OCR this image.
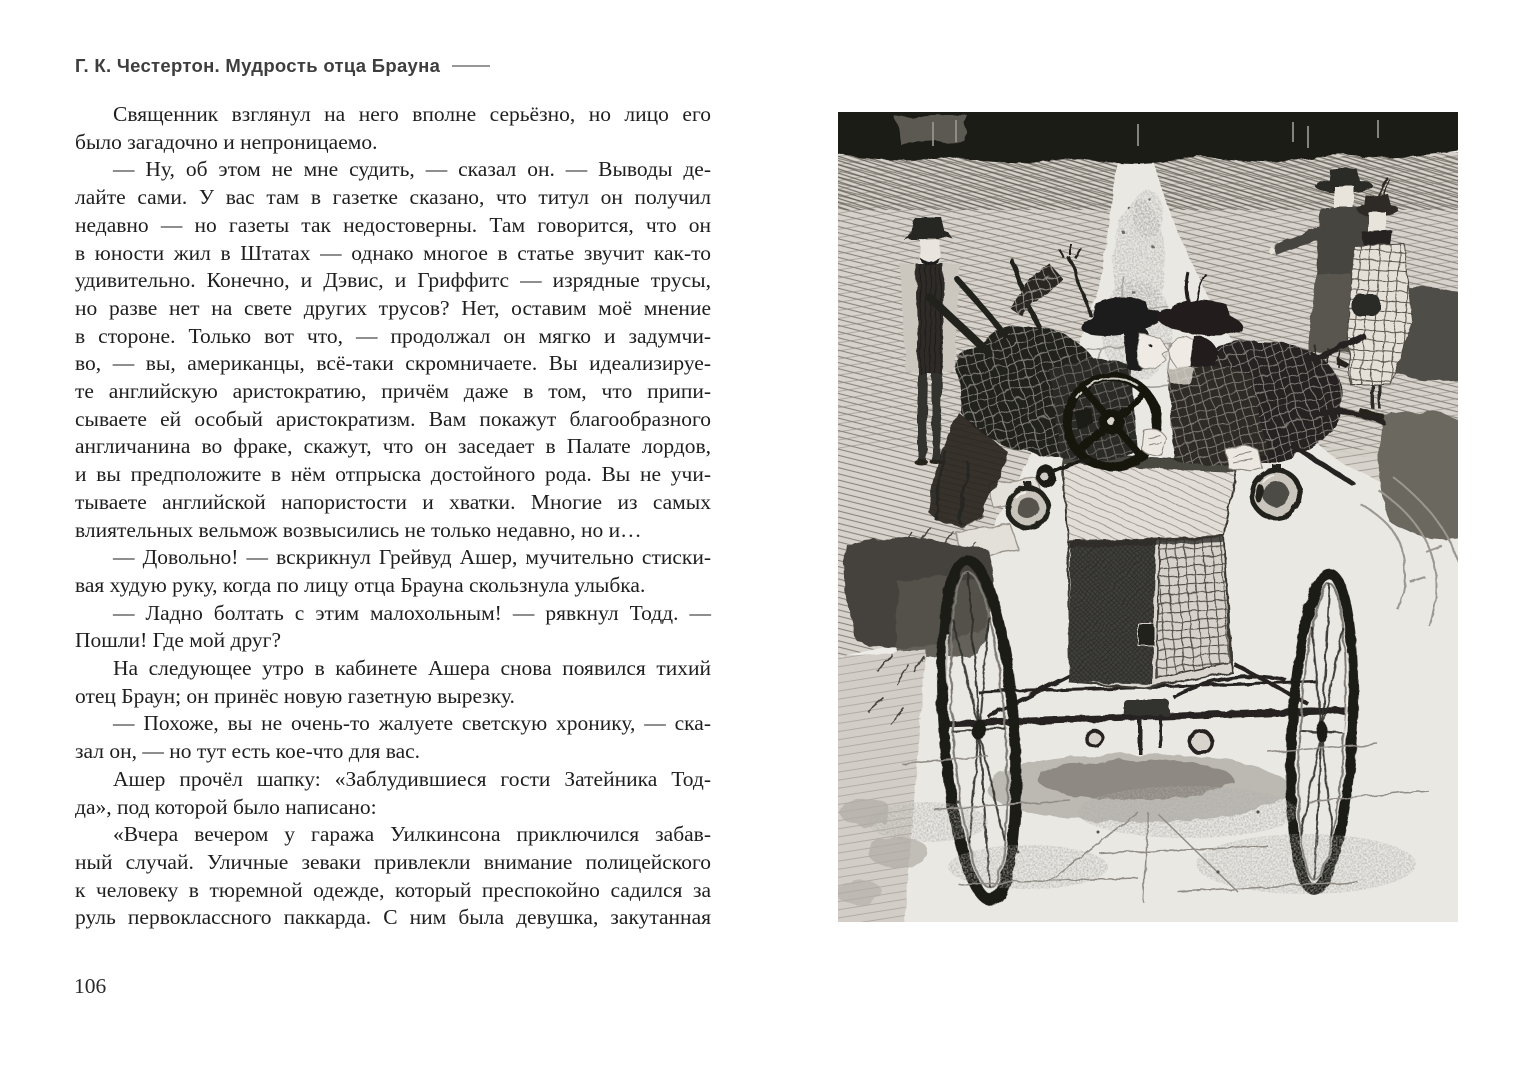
Г. К. Честертон. Мудрость отца Брауна
Священник взглянул на него вполне серьёзно, но лицо его
было загадочно и непроницаемо.
— Ну, об этом не мне судить, — сказал он. — Выводы де-
лайте сами. У вас там в газетке сказано, что титул он получил
недавно — но газеты так недостоверны. Там говорится, что он
в юности жил в Штатах — однако многое в статье звучит как-то
удивительно. Конечно, и Дэвис, и Гриффитс — изрядные трусы,
но разве нет на свете других трусов? Нет, оставим моё мнение
в стороне. Только вот что, — продолжал он мягко и задумчи-
во, — вы, американцы, всё-таки скромничаете. Вы идеализируе-
те английскую аристократию, причём даже в том, что припи-
сываете ей особый аристократизм. Вам покажут благообразного
англичанина во фраке, скажут, что он заседает в Палате лордов,
и вы предположите в нём отпрыска достойного рода. Вы не учи-
тываете английской напористости и хватки. Многие из самых
влиятельных вельмож возвысились не только недавно, но и…
— Довольно! — вскрикнул Грейвуд Ашер, мучительно стиски-
вая худую руку, когда по лицу отца Брауна скользнула улыбка.
— Ладно болтать с этим малохольным! — рявкнул Тодд. —
Пошли! Где мой друг?
На следующее утро в кабинете Ашера снова появился тихий
отец Браун; он принёс новую газетную вырезку.
— Похоже, вы не очень-то жалуете светскую хронику, — ска-
зал он, — но тут есть кое-что для вас.
Ашер прочёл шапку: «Заблудившиеся гости Затейника Тод-
да», под которой было написано:
«Вчера вечером у гаража Уилкинсона приключился забав-
ный случай. Уличные зеваки привлекли внимание полицейского
к человеку в тюремной одежде, который преспокойно садился за
руль первоклассного паккарда. С ним была девушка, закутанная
106
